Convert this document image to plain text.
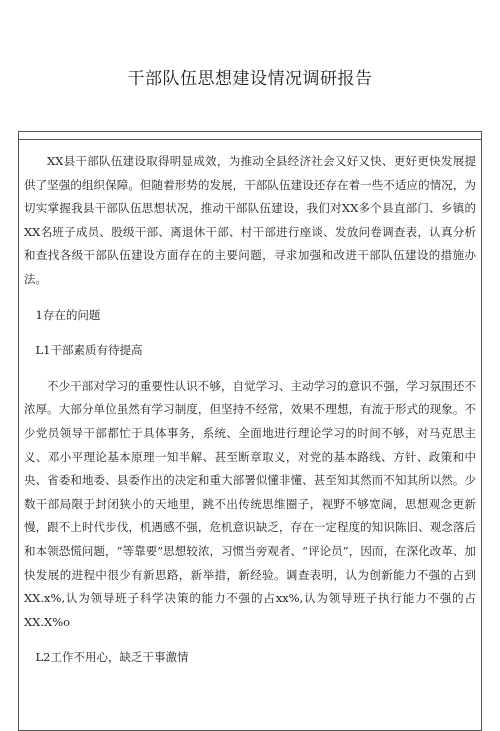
干部队伍思想建设情况调研报告

XX县干部队伍建设取得明显成效，为推动全县经济社会又好又快、更好更快发展提供了坚强的组织保障。但随着形势的发展，干部队伍建设还存在着一些不适应的情况，为切实掌握我县干部队伍思想状况，推动干部队伍建设，我们对XX多个县直部门、乡镇的XX名班子成员、股级干部、离退休干部、村干部进行座谈、发放问卷调查表，认真分析和查找各级干部队伍建设方面存在的主要问题，寻求加强和改进干部队伍建设的措施办法。

1存在的问题

L1干部素质有待提高

不少干部对学习的重要性认识不够，自觉学习、主动学习的意识不强，学习氛围还不浓厚。大部分单位虽然有学习制度，但坚持不经常，效果不理想，有流于形式的现象。不少党员领导干部都忙于具体事务，系统、全面地进行理论学习的时间不够，对马克思主义、邓小平理论基本原理一知半解、甚至断章取义，对党的基本路线、方针、政策和中央、省委和地委、县委作出的决定和重大部署似懂非懂、甚至知其然而不知其所以然。少数干部局限于封闭狭小的天地里，跳不出传统思维圈子，视野不够宽阔，思想观念更新慢，跟不上时代步伐，机遇感不强，危机意识缺乏，存在一定程度的知识陈旧、观念落后和本领恐慌问题，“等靠要”思想较浓，习惯当旁观者、“评论员”，因而，在深化改革、加快发展的进程中很少有新思路，新举措，新经验。调查表明，认为创新能力不强的占到XX.x%,认为领导班子科学决策的能力不强的占xx%,认为领导班子执行能力不强的占XX.X%o

L2工作不用心，缺乏干事激情
